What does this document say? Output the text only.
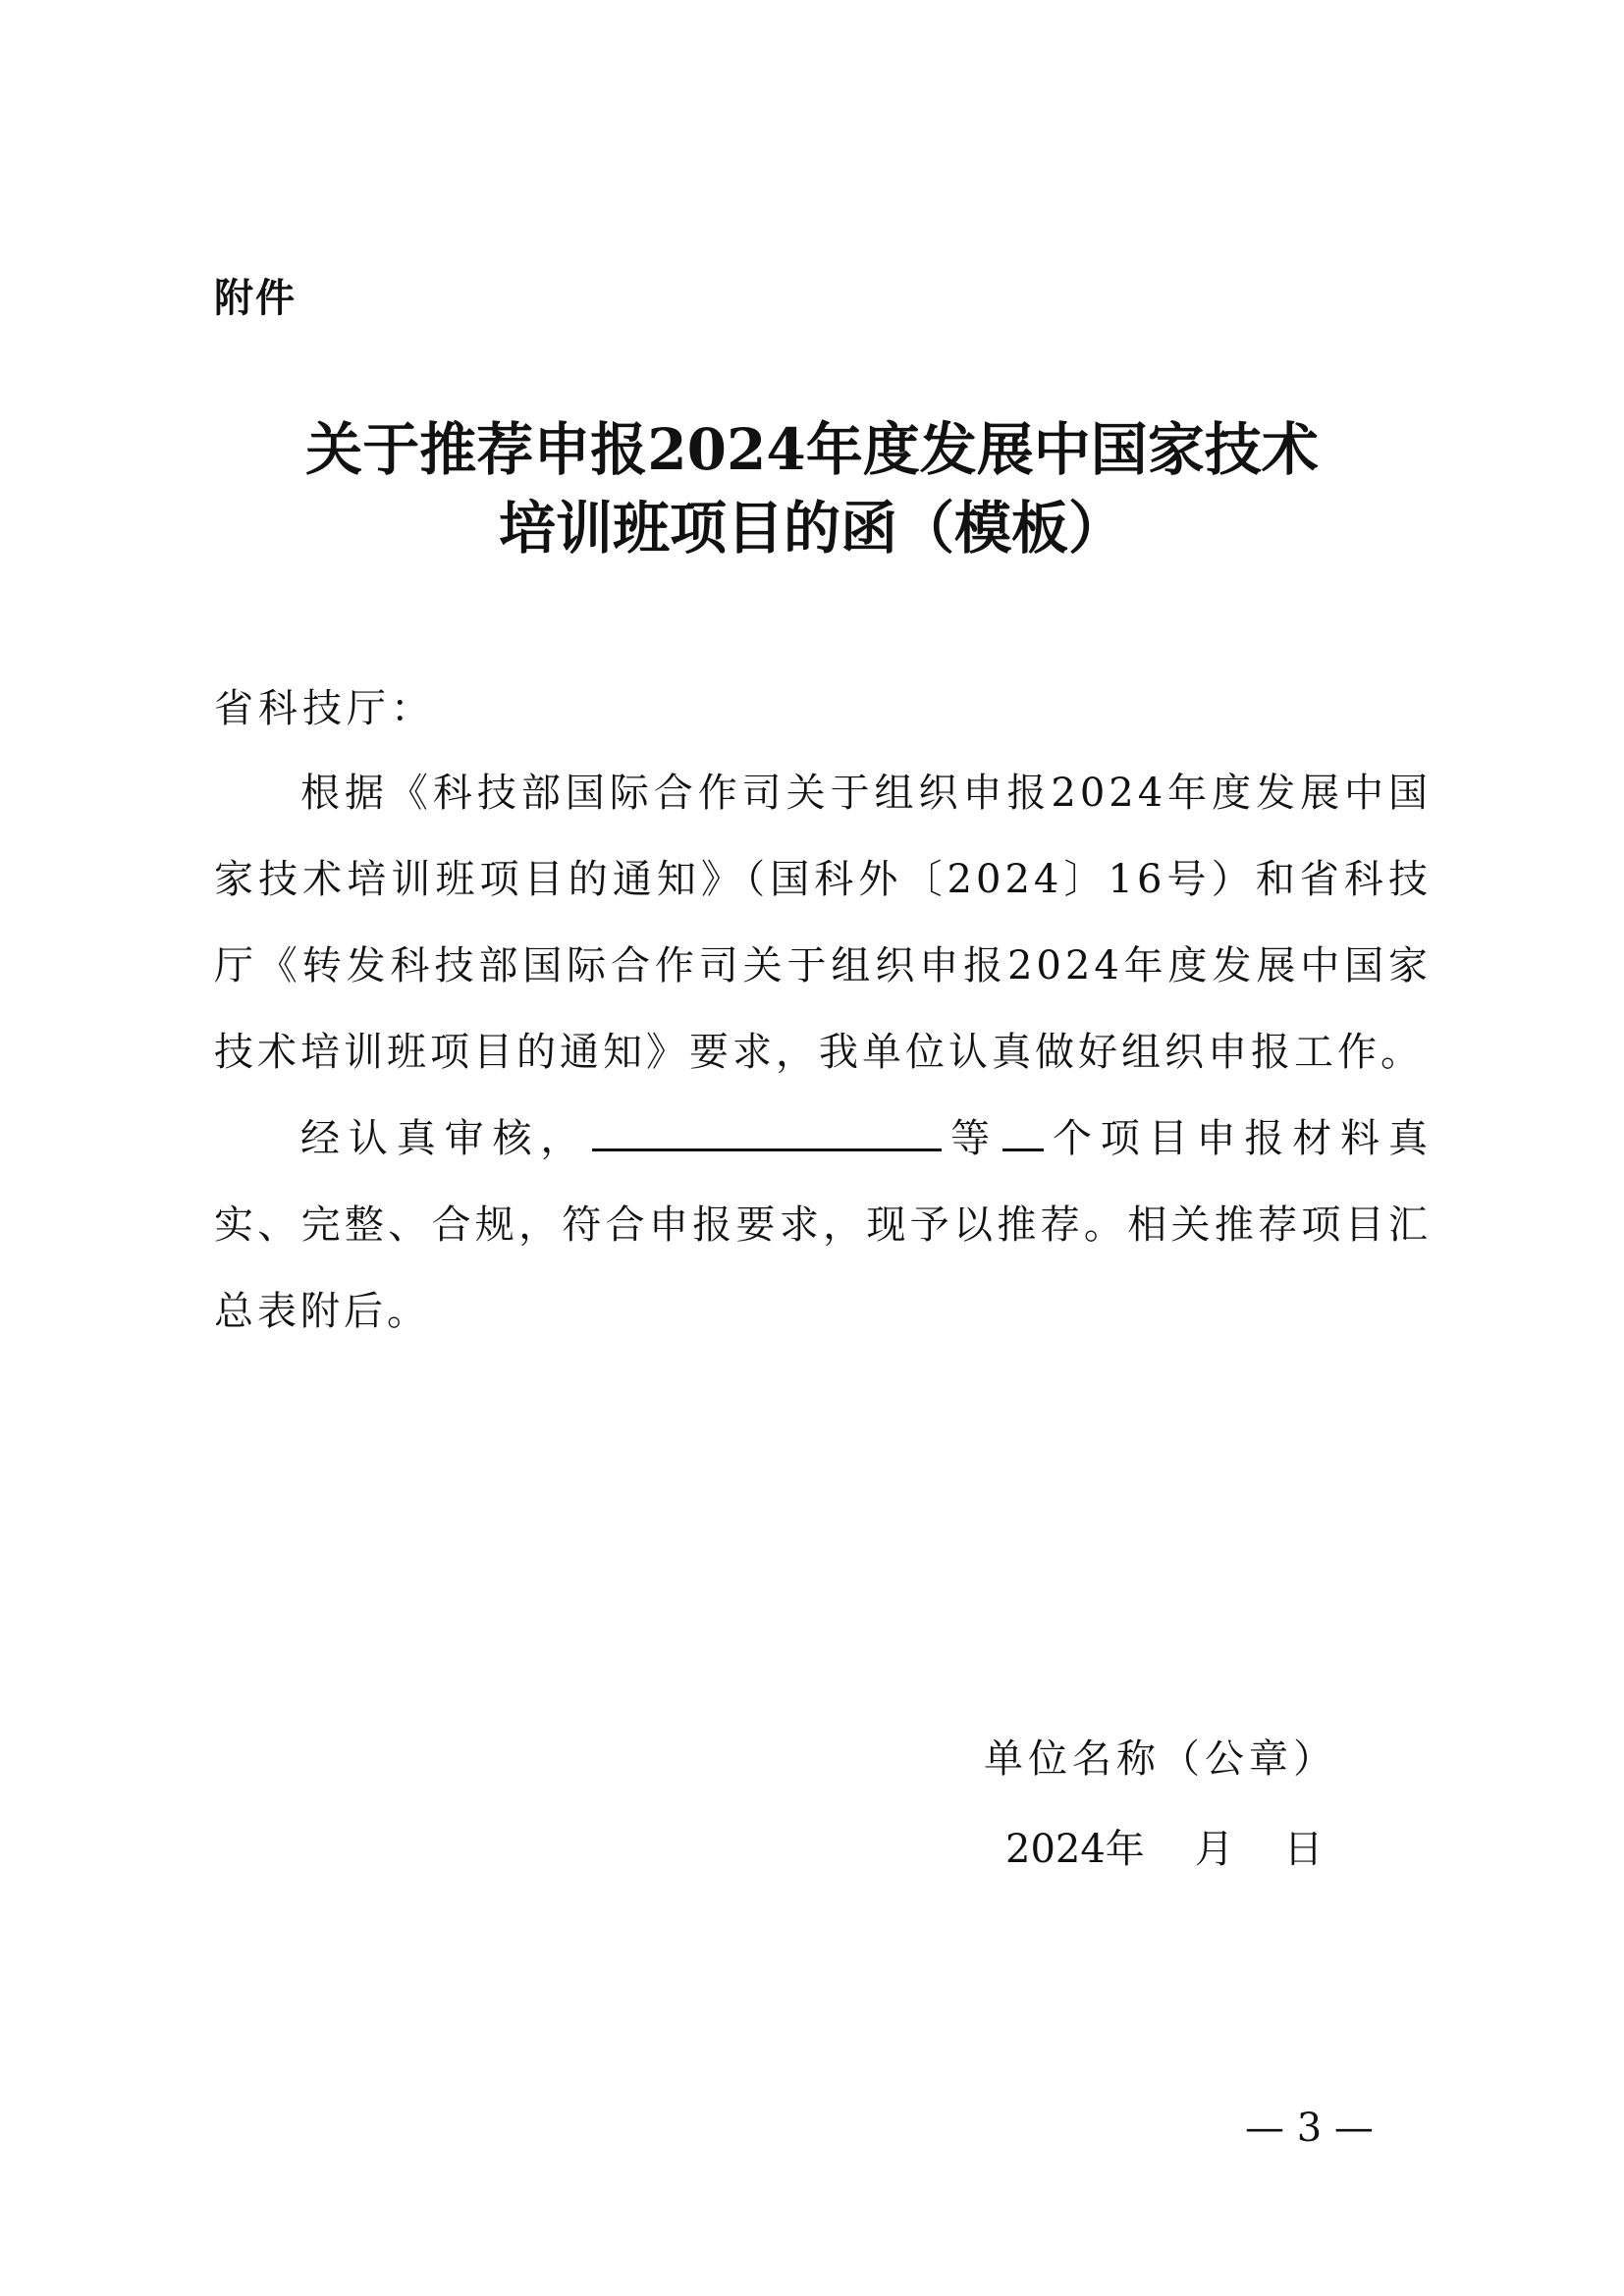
附件
关于推荐申报2024年度发展中国家技术
培训班项目的函（模板）
省科技厅：

根据《科技部国际合作司关于组织申报2024年度发展中国家技术培训班项目的通知》（国科外〔2024〕16号）和省科技厅《转发科技部国际合作司关于组织申报2024年度发展中国家技术培训班项目的通知》要求，我单位认真做好组织申报工作。

经认真审核，	等 个项目申报材料真实、完整、合规，符合申报要求，现予以推荐。相关推荐项目汇总表附后。

单位名称（公章）
2024年    月    日
— 3 —
